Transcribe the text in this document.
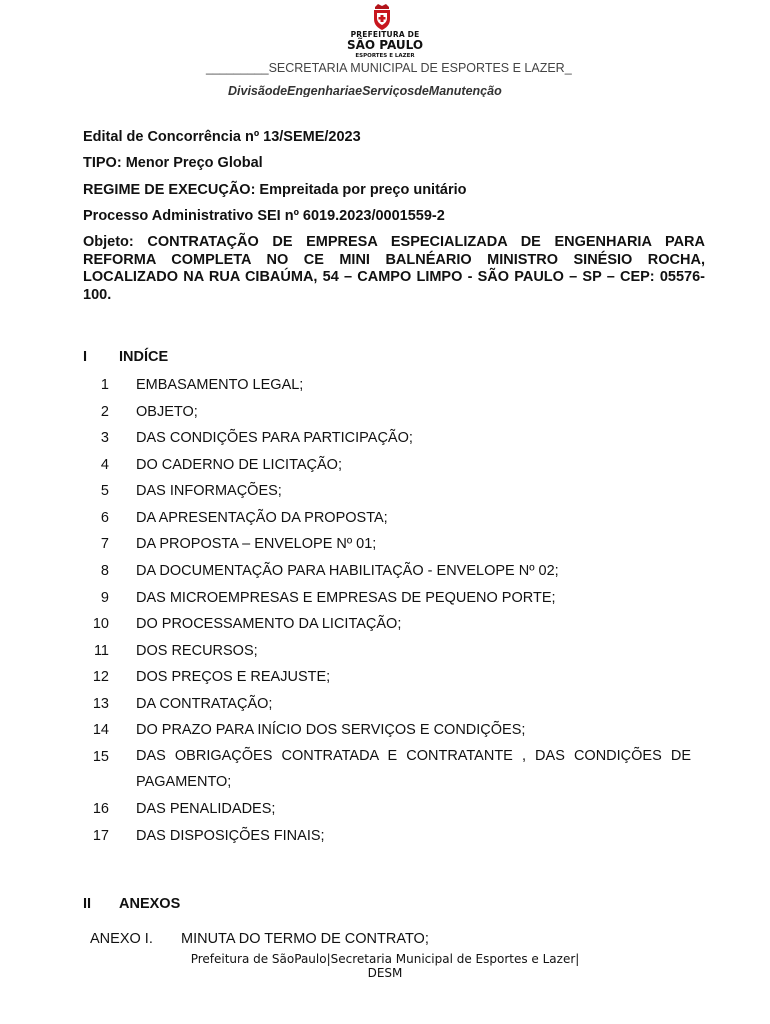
PREFEITURA DE
SÃO PAULO
ESPORTES E LAZER
_________SECRETARIA MUNICIPAL DE ESPORTES E LAZER_
DivisãodeEngenhariaeServiçosdeManutenção
Edital de Concorrência nº 13/SEME/2023
TIPO: Menor Preço Global
REGIME DE EXECUÇÃO: Empreitada por preço unitário
Processo Administrativo SEI nº 6019.2023/0001559-2
Objeto: CONTRATAÇÃO DE EMPRESA ESPECIALIZADA DE ENGENHARIA PARA REFORMA COMPLETA NO CE MINI BALNÉARIO MINISTRO SINÉSIO ROCHA, LOCALIZADO NA RUA CIBAÚMA, 54 – CAMPO LIMPO - SÃO PAULO – SP – CEP: 05576-100.
I INDÍCE
1 EMBASAMENTO LEGAL;
2 OBJETO;
3 DAS CONDIÇÕES PARA PARTICIPAÇÃO;
4 DO CADERNO DE LICITAÇÃO;
5 DAS INFORMAÇÕES;
6 DA APRESENTAÇÃO DA PROPOSTA;
7 DA PROPOSTA – ENVELOPE Nº 01;
8 DA DOCUMENTAÇÃO PARA HABILITAÇÃO - ENVELOPE Nº 02;
9 DAS MICROEMPRESAS E EMPRESAS DE PEQUENO PORTE;
10 DO PROCESSAMENTO DA LICITAÇÃO;
11 DOS RECURSOS;
12 DOS PREÇOS E REAJUSTE;
13 DA CONTRATAÇÃO;
14 DO PRAZO PARA INÍCIO DOS SERVIÇOS E CONDIÇÕES;
15 DAS OBRIGAÇÕES CONTRATADA E CONTRATANTE , DAS CONDIÇÕES DE PAGAMENTO;
16 DAS PENALIDADES;
17 DAS DISPOSIÇÕES FINAIS;
II ANEXOS
ANEXO I. MINUTA DO TERMO DE CONTRATO;
Prefeitura de SãoPaulo|Secretaria Municipal de Esportes e Lazer|
DESM
